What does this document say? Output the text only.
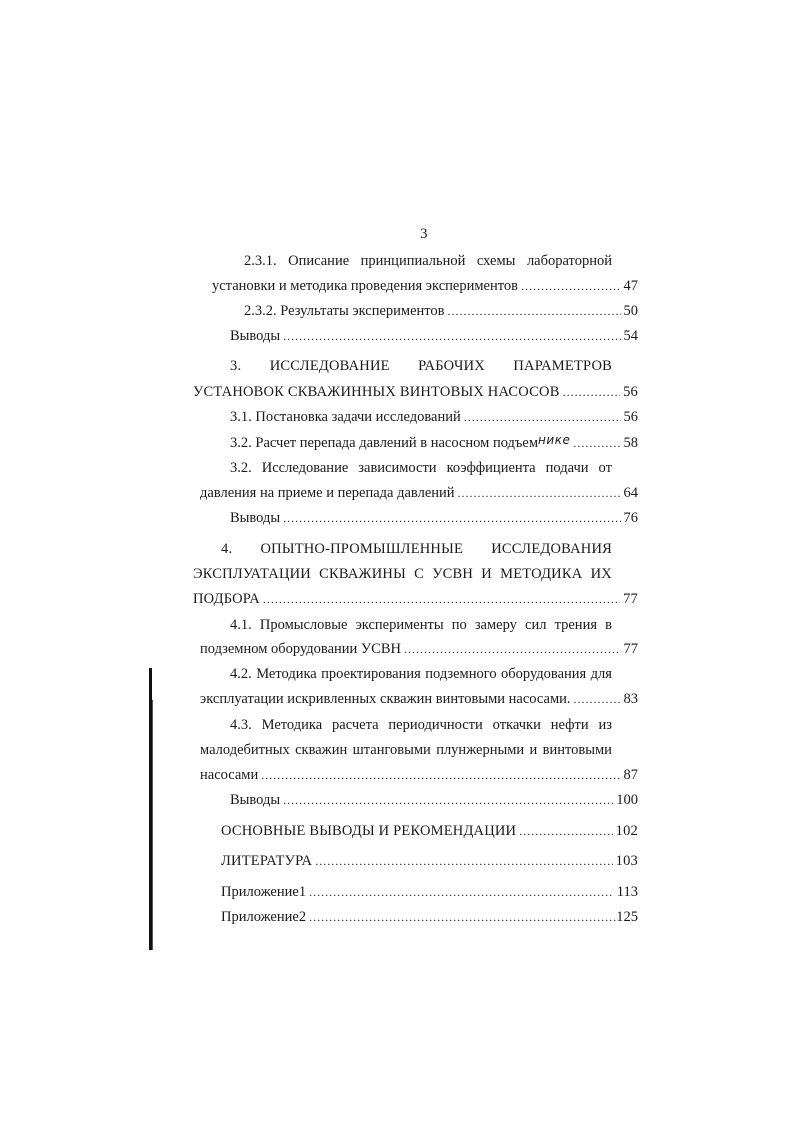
3
2.3.1. Описание принципиальной схемы лабораторной
установки и методика проведения экспериментов .....	47
2.3.2. Результаты экспериментов .....	50
Выводы .....	54
3. ИССЛЕДОВАНИЕ РАБОЧИХ ПАРАМЕТРОВ
УСТАНОВОК СКВАЖИННЫХ ВИНТОВЫХ НАСОСОВ .....	56
3.1. Постановка задачи исследований .....	56
3.2. Расчет перепада давлений в насосном подъем$^{нике}$ .....	58
3.2. Исследование зависимости коэффициента подачи от
давления на приеме и перепада давлений .....	64
Выводы .....	76
4. ОПЫТНО-ПРОМЫШЛЕННЫЕ ИССЛЕДОВАНИЯ
ЭКСПЛУАТАЦИИ СКВАЖИНЫ С УСВН И МЕТОДИКА ИХ
ПОДБОРА .....	77
4.1. Промысловые эксперименты по замеру сил трения в
подземном оборудовании УСВН .....	77
4.2. Методика проектирования подземного оборудования для
эксплуатации искривленных скважин винтовыми насосами. .....	83
4.3. Методика расчета периодичности откачки нефти из
малодебитных скважин штанговыми плунжерными и винтовыми
насосами .....	87
Выводы .....	100
ОСНОВНЫЕ ВЫВОДЫ И РЕКОМЕНДАЦИИ .....	102
ЛИТЕРАТУРА .....	103
Приложение1 .....	113
Приложение2 .....	125
